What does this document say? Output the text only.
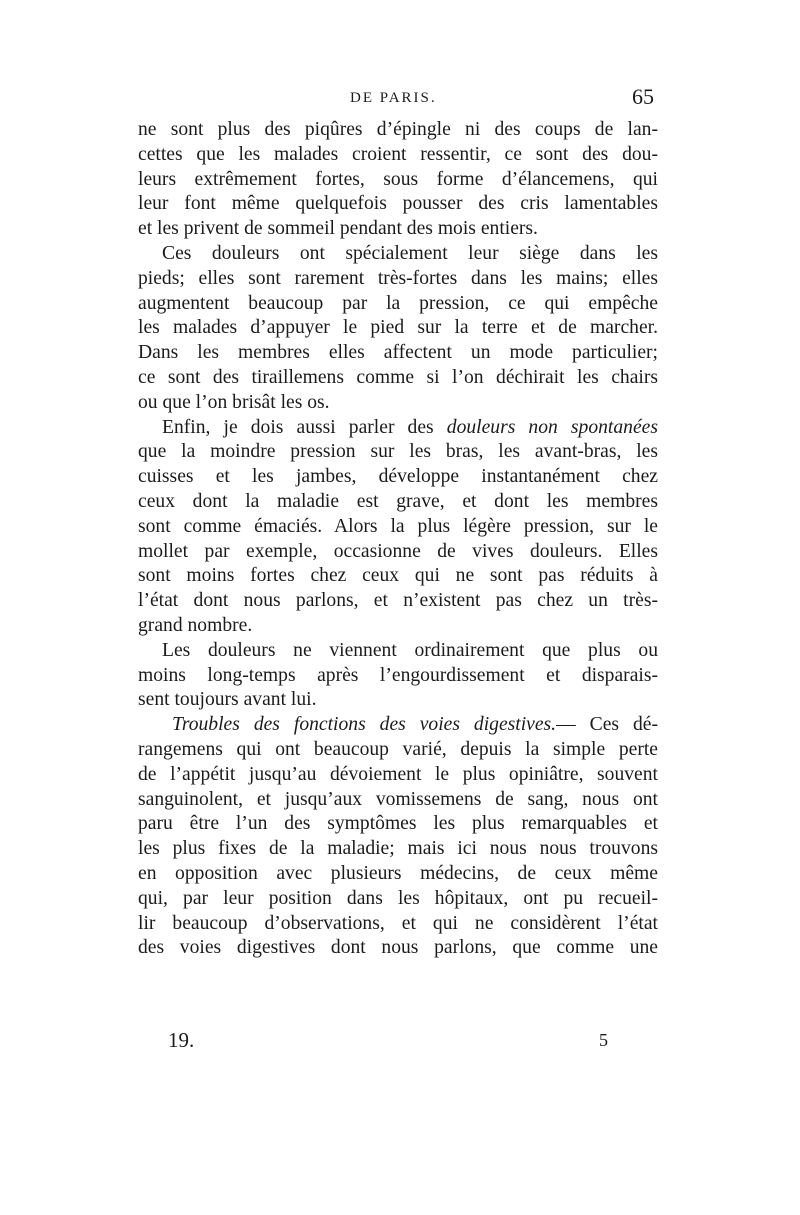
DE PARIS.	65
ne sont plus des piqûres d’épingle ni des coups de lan-
cettes que les malades croient ressentir, ce sont des dou-
leurs extrêmement fortes, sous forme d’élancemens, qui
leur font même quelquefois pousser des cris lamentables
et les privent de sommeil pendant des mois entiers.
Ces douleurs ont spécialement leur siège dans les
pieds; elles sont rarement très-fortes dans les mains; elles
augmentent beaucoup par la pression, ce qui empêche
les malades d’appuyer le pied sur la terre et de marcher.
Dans les membres elles affectent un mode particulier;
ce sont des tiraillemens comme si l’on déchirait les chairs
ou que l’on brisât les os.
Enfin, je dois aussi parler des douleurs non spontanées
que la moindre pression sur les bras, les avant-bras, les
cuisses et les jambes, développe instantanément chez
ceux dont la maladie est grave, et dont les membres
sont comme émaciés. Alors la plus légère pression, sur le
mollet par exemple, occasionne de vives douleurs. Elles
sont moins fortes chez ceux qui ne sont pas réduits à
l’état dont nous parlons, et n’existent pas chez un très-
grand nombre.
Les douleurs ne viennent ordinairement que plus ou
moins long-temps après l’engourdissement et disparais-
sent toujours avant lui.
Troubles des fonctions des voies digestives.— Ces dé-
rangemens qui ont beaucoup varié, depuis la simple perte
de l’appétit jusqu’au dévoiement le plus opiniâtre, souvent
sanguinolent, et jusqu’aux vomissemens de sang, nous ont
paru être l’un des symptômes les plus remarquables et
les plus fixes de la maladie; mais ici nous nous trouvons
en opposition avec plusieurs médecins, de ceux même
qui, par leur position dans les hôpitaux, ont pu recueil-
lir beaucoup d’observations, et qui ne considèrent l’état
des voies digestives dont nous parlons, que comme une
19.	5
